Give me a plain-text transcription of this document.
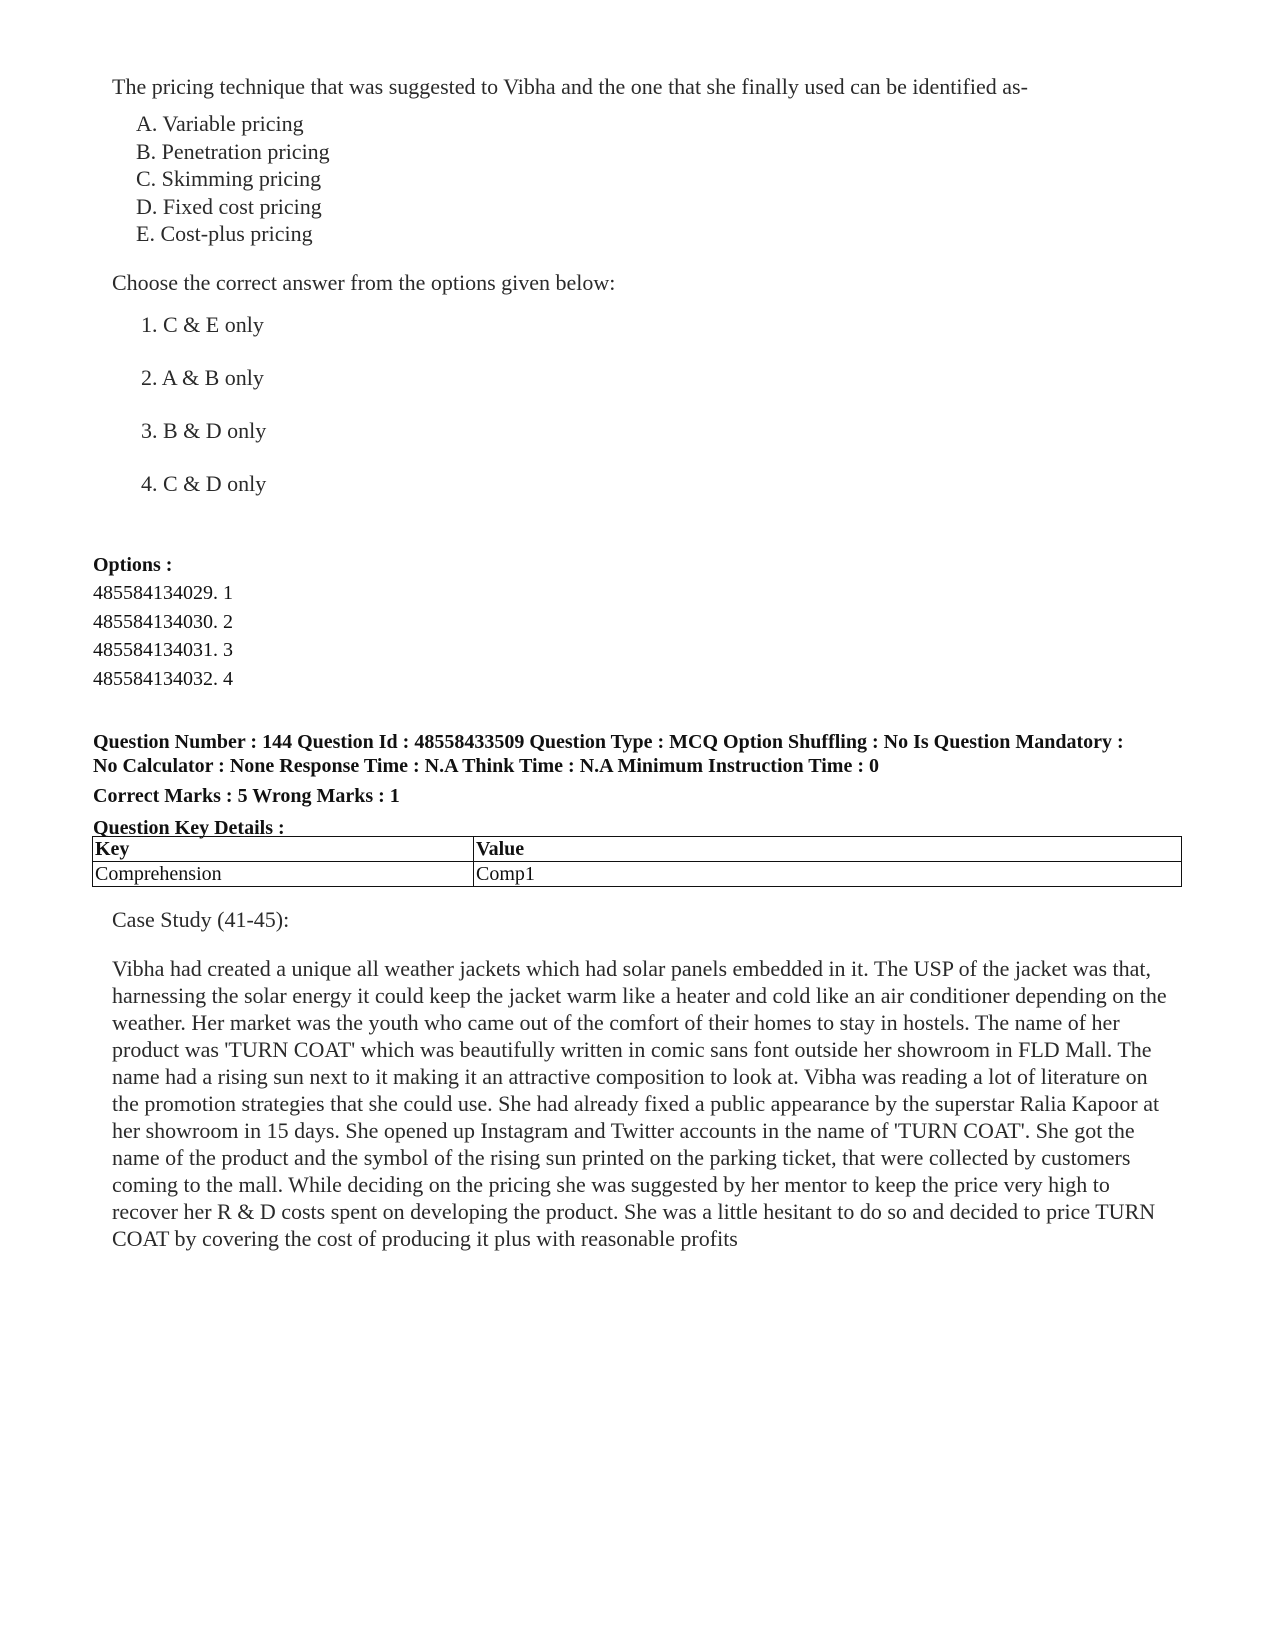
The pricing technique that was suggested to Vibha and the one that she finally used can be identified as-

A. Variable pricing
B. Penetration pricing
C. Skimming pricing
D. Fixed cost pricing
E. Cost-plus pricing

Choose the correct answer from the options given below:

1. C & E only
2. A & B only
3. B & D only
4. C & D only

Options :

485584134029. 1

485584134030. 2

485584134031. 3

485584134032. 4

Question Number : 144 Question Id : 48558433509 Question Type : MCQ Option Shuffling : No Is Question Mandatory :

No Calculator : None Response Time : N.A Think Time : N.A Minimum Instruction Time : 0

Correct Marks : 5 Wrong Marks : 1

Question Key Details :

Key	Value
Comprehension	Comp1

Case Study (41-45):

Vibha had created a unique all weather jackets which had solar panels embedded in it. The USP of the jacket was that, harnessing the solar energy it could keep the jacket warm like a heater and cold like an air conditioner depending on the weather. Her market was the youth who came out of the comfort of their homes to stay in hostels. The name of her product was 'TURN COAT' which was beautifully written in comic sans font outside her showroom in FLD Mall. The name had a rising sun next to it making it an attractive composition to look at. Vibha was reading a lot of literature on the promotion strategies that she could use. She had already fixed a public appearance by the superstar Ralia Kapoor at her showroom in 15 days. She opened up Instagram and Twitter accounts in the name of 'TURN COAT'. She got the name of the product and the symbol of the rising sun printed on the parking ticket, that were collected by customers coming to the mall. While deciding on the pricing she was suggested by her mentor to keep the price very high to recover her R & D costs spent on developing the product. She was a little hesitant to do so and decided to price TURN COAT by covering the cost of producing it plus with reasonable profits
